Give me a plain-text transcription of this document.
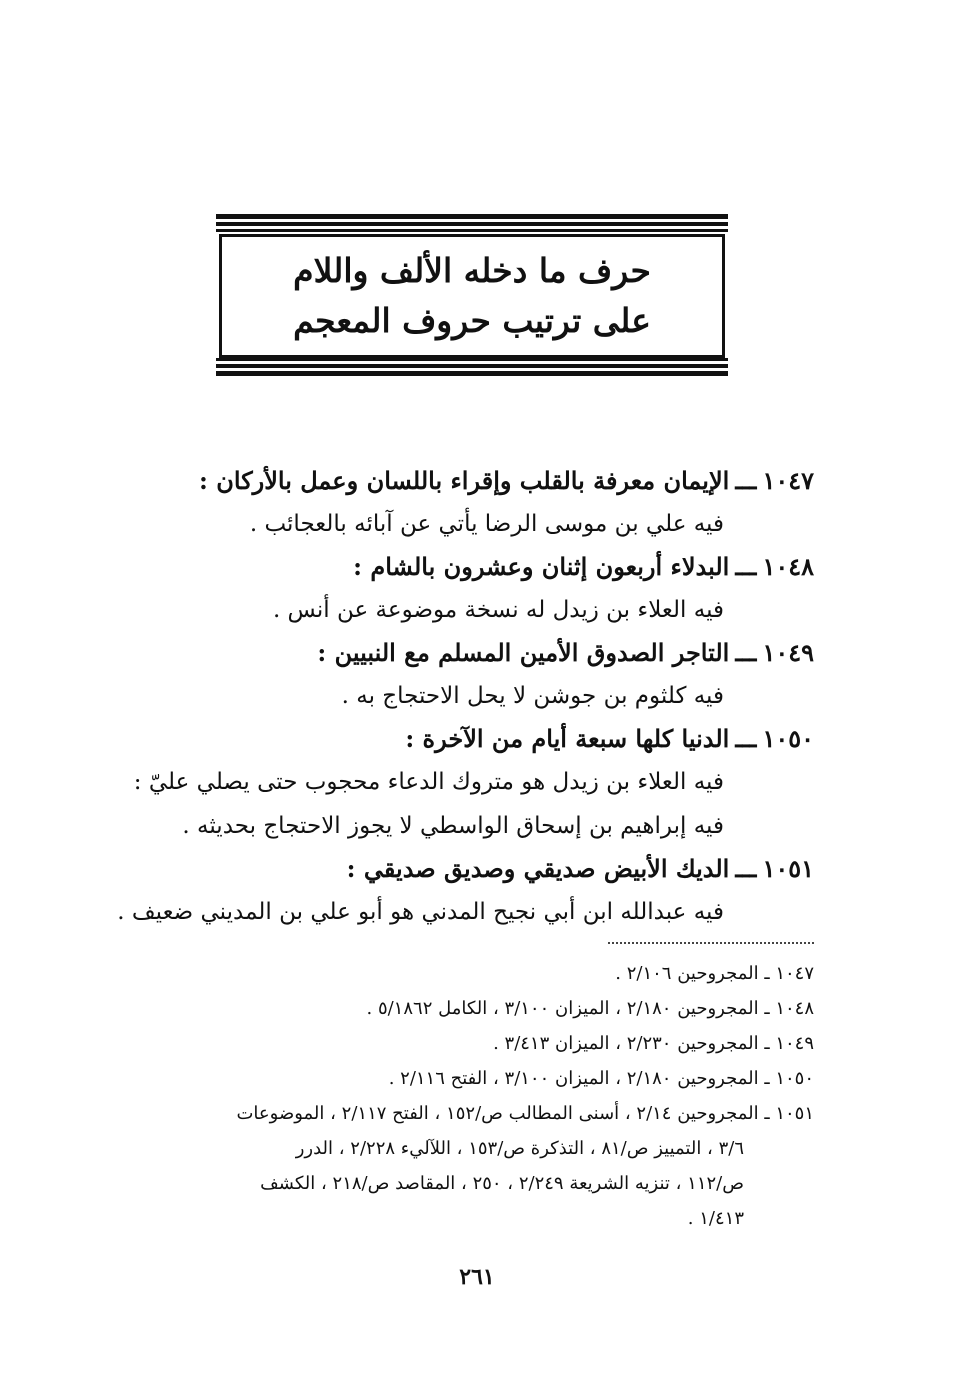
حرف ما دخله الألف واللام
على ترتيب حروف المعجم
١٠٤٧ـــالإيمان معرفة بالقلب وإقراء باللسان وعمل بالأركان :
فيه علي بن موسى الرضا يأتي عن آبائه بالعجائب .
١٠٤٨ـــالبدلاء أربعون إثنان وعشرون بالشام :
فيه العلاء بن زيدل له نسخة موضوعة عن أنس .
١٠٤٩ـــالتاجر الصدوق الأمين المسلم مع النبيين :
فيه كلثوم بن جوشن لا يحل الاحتجاج به .
١٠٥٠ـــالدنيا كلها سبعة أيام من الآخرة :
فيه العلاء بن زيدل هو متروك الدعاء محجوب حتى يصلي عليّ :
فيه إبراهيم بن إسحاق الواسطي لا يجوز الاحتجاج بحديثه .
١٠٥١ـــالديك الأبيض صديقي وصديق صديقي :
فيه عبدالله ابن أبي نجيح المدني هو أبو علي بن المديني ضعيف .
١٠٤٧ ـ المجروحين ٢/١٠٦ .
١٠٤٨ ـ المجروحين ٢/١٨٠ ، الميزان ٣/١٠٠ ، الكامل ٥/١٨٦٢ .
١٠٤٩ ـ المجروحين ٢/٢٣٠ ، الميزان ٣/٤١٣ .
١٠٥٠ ـ المجروحين ٢/١٨٠ ، الميزان ٣/١٠٠ ، الفتح ٢/١١٦ .
١٠٥١ ـ المجروحين ٢/١٤ ، أسنى المطالب ص/١٥٢ ، الفتح ٢/١١٧ ، الموضوعات
٣/٦ ، التمييز ص/٨١ ، التذكرة ص/١٥٣ ، اللآليء ٢/٢٢٨ ، الدرر
ص/١١٢ ، تنزيه الشريعة ٢/٢٤٩ ، ٢٥٠ ، المقاصد ص/٢١٨ ، الكشف
١/٤١٣ .
٢٦١
